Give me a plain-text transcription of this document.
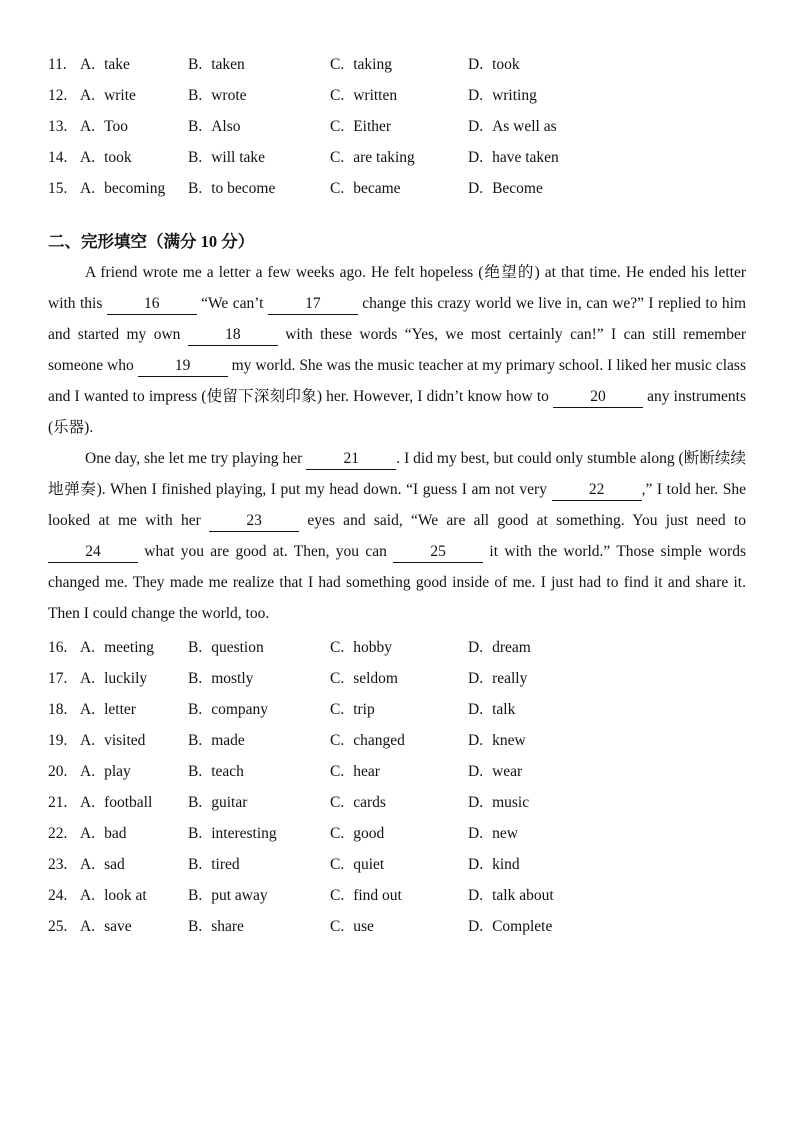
11. A. take	B. taken	C. taking	D. took
12. A. write	B. wrote	C. written	D. writing
13. A. Too	B. Also	C. Either	D. As well as
14. A. took	B. will take	C. are taking	D. have taken
15. A. becoming	B. to become	C. became	D. Become
二、完形填空（满分 10 分）

A friend wrote me a letter a few weeks ago. He felt hopeless (绝望的) at that time. He ended his letter with this 16 “We can’t 17 change this crazy world we live in, can we?” I replied to him and started my own 18 with these words “Yes, we most certainly can!” I can still remember someone who 19 my world. She was the music teacher at my primary school. I liked her music class and I wanted to impress (使留下深刻印象) her. However, I didn’t know how to 20 any instruments (乐器).

One day, she let me try playing her 21 . I did my best, but could only stumble along (断断续续地弹奏). When I finished playing, I put my head down. “I guess I am not very 22 ,” I told her. She looked at me with her 23 eyes and said, “We are all good at something. You just need to 24 what you are good at. Then, you can 25 it with the world.” Those simple words changed me. They made me realize that I had something good inside of me. I just had to find it and share it. Then I could change the world, too.

16. A. meeting	B. question	C. hobby	D. dream
17. A. luckily	B. mostly	C. seldom	D. really
18. A. letter	B. company	C. trip	D. talk
19. A. visited	B. made	C. changed	D. knew
20. A. play	B. teach	C. hear	D. wear
21. A. football	B. guitar	C. cards	D. music
22. A. bad	B. interesting	C. good	D. new
23. A. sad	B. tired	C. quiet	D. kind
24. A. look at	B. put away	C. find out	D. talk about
25. A. save	B. share	C. use	D. Complete
